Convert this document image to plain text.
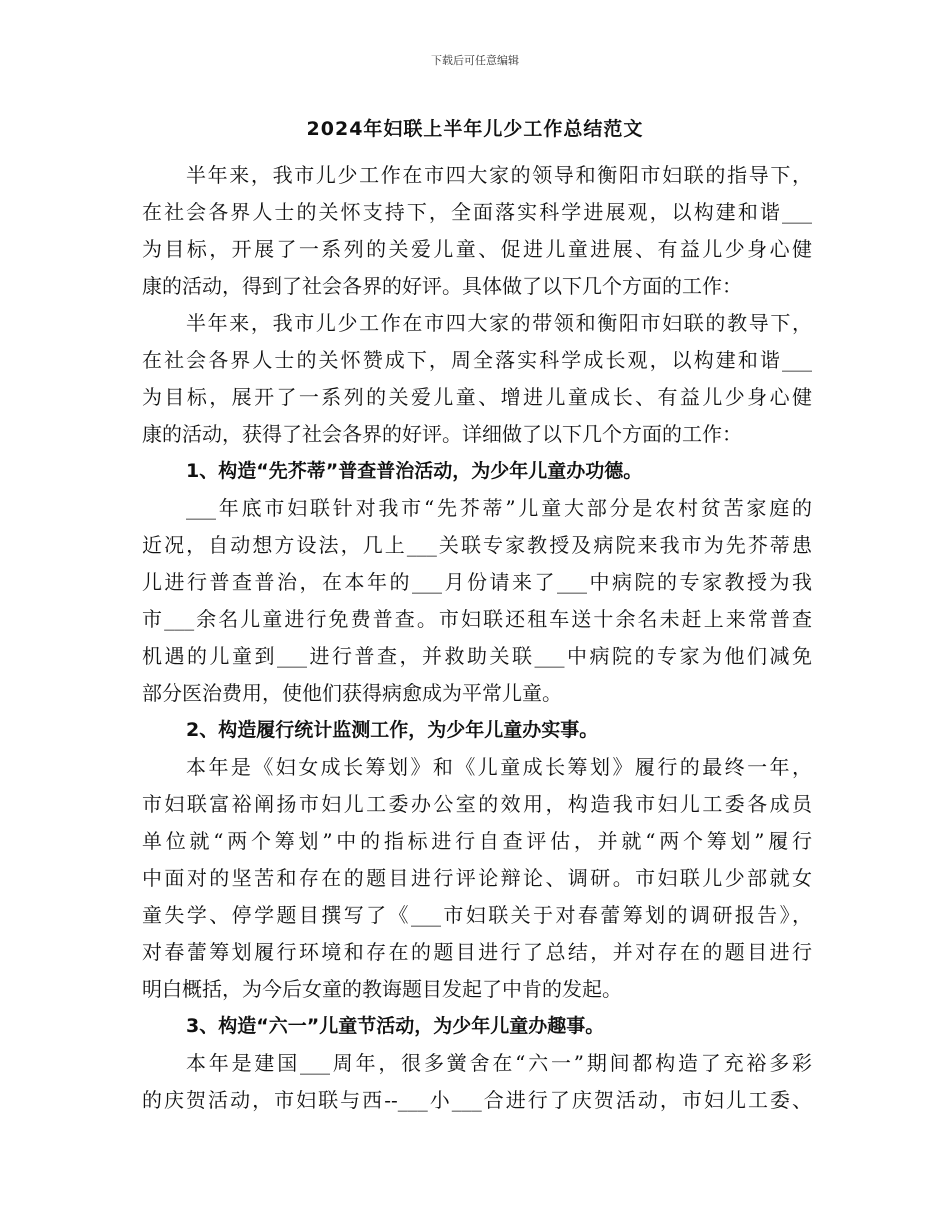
下载后可任意编辑
2024年妇联上半年儿少工作总结范文
半年来，我市儿少工作在市四大家的领导和衡阳市妇联的指导下，
在社会各界人士的关怀支持下，全面落实科学进展观，以构建和谐___
为目标，开展了一系列的关爱儿童、促进儿童进展、有益儿少身心健
康的活动，得到了社会各界的好评。具体做了以下几个方面的工作：
半年来，我市儿少工作在市四大家的带领和衡阳市妇联的教导下，
在社会各界人士的关怀赞成下，周全落实科学成长观，以构建和谐___
为目标，展开了一系列的关爱儿童、增进儿童成长、有益儿少身心健
康的活动，获得了社会各界的好评。详细做了以下几个方面的工作：
1、构造“先芥蒂”普查普治活动，为少年儿童办功德。
___年底市妇联针对我市“先芥蒂”儿童大部分是农村贫苦家庭的
近况，自动想方设法，几上___关联专家教授及病院来我市为先芥蒂患
儿进行普查普治，在本年的___月份请来了___中病院的专家教授为我
市___余名儿童进行免费普查。市妇联还租车送十余名未赶上来常普查
机遇的儿童到___进行普查，并救助关联___中病院的专家为他们减免
部分医治费用，使他们获得病愈成为平常儿童。
2、构造履行统计监测工作，为少年儿童办实事。
本年是《妇女成长筹划》和《儿童成长筹划》履行的最终一年，
市妇联富裕阐扬市妇儿工委办公室的效用，构造我市妇儿工委各成员
单位就“两个筹划”中的指标进行自查评估，并就“两个筹划”履行
中面对的坚苦和存在的题目进行评论辩论、调研。市妇联儿少部就女
童失学、停学题目撰写了《___市妇联关于对春蕾筹划的调研报告》，
对春蕾筹划履行环境和存在的题目进行了总结，并对存在的题目进行
明白概括，为今后女童的教诲题目发起了中肯的发起。
3、构造“六一”儿童节活动，为少年儿童办趣事。
本年是建国___周年，很多黉舍在“六一”期间都构造了充裕多彩
的庆贺活动，市妇联与西--___小___合进行了庆贺活动，市妇儿工委、
